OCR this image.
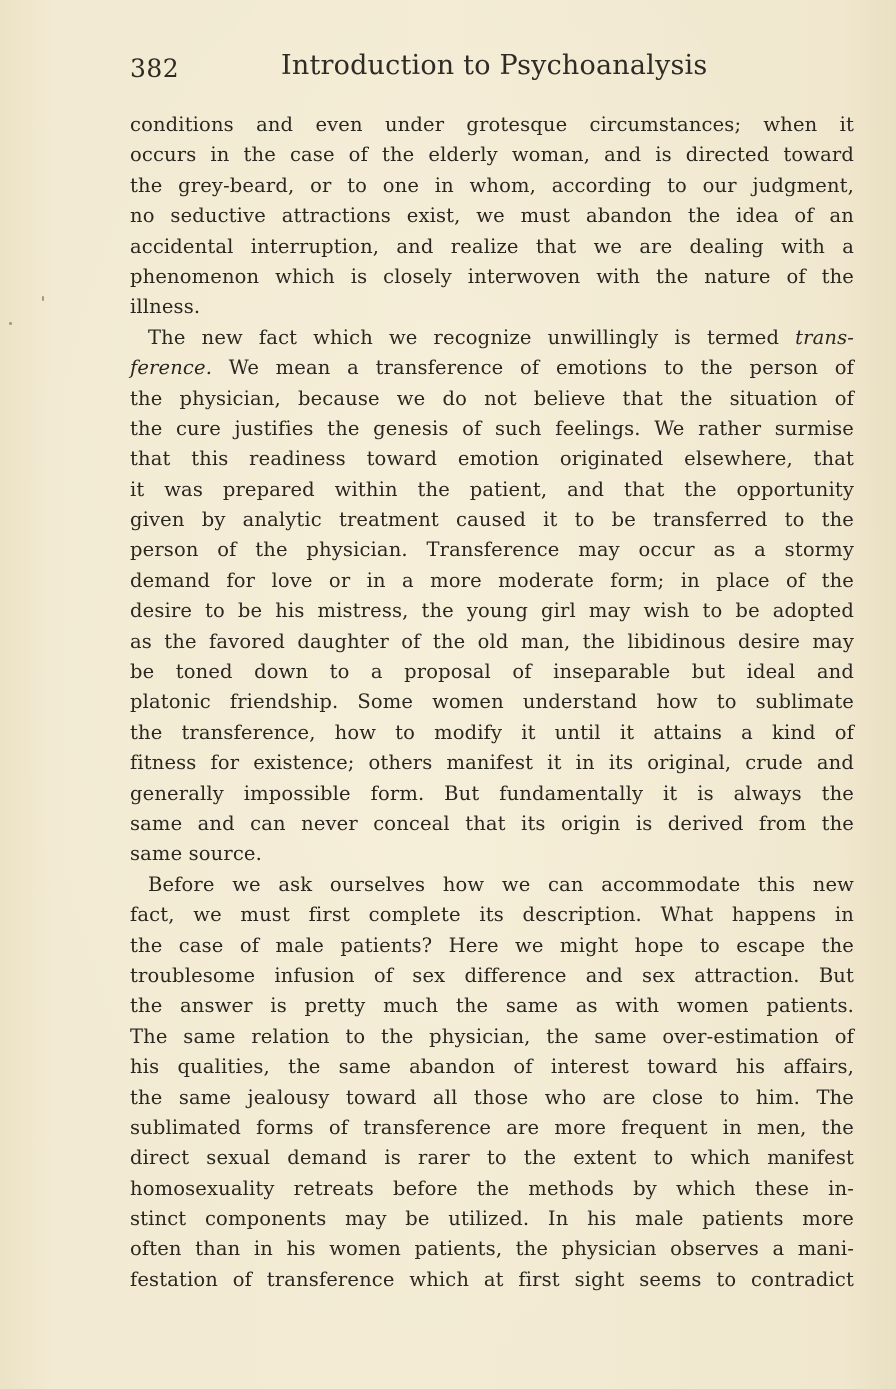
382	Introduction to Psychoanalysis
conditions and even under grotesque circumstances; when it
occurs in the case of the elderly woman, and is directed toward
the grey-beard, or to one in whom, according to our judgment,
no seductive attractions exist, we must abandon the idea of an
accidental interruption, and realize that we are dealing with a
phenomenon which is closely interwoven with the nature of the
illness.
The new fact which we recognize unwillingly is termed trans-
ference. We mean a transference of emotions to the person of
the physician, because we do not believe that the situation of
the cure justifies the genesis of such feelings. We rather surmise
that this readiness toward emotion originated elsewhere, that
it was prepared within the patient, and that the opportunity
given by analytic treatment caused it to be transferred to the
person of the physician. Transference may occur as a stormy
demand for love or in a more moderate form; in place of the
desire to be his mistress, the young girl may wish to be adopted
as the favored daughter of the old man, the libidinous desire may
be toned down to a proposal of inseparable but ideal and
platonic friendship. Some women understand how to sublimate
the transference, how to modify it until it attains a kind of
fitness for existence; others manifest it in its original, crude and
generally impossible form. But fundamentally it is always the
same and can never conceal that its origin is derived from the
same source.
Before we ask ourselves how we can accommodate this new
fact, we must first complete its description. What happens in
the case of male patients? Here we might hope to escape the
troublesome infusion of sex difference and sex attraction. But
the answer is pretty much the same as with women patients.
The same relation to the physician, the same over-estimation of
his qualities, the same abandon of interest toward his affairs,
the same jealousy toward all those who are close to him. The
sublimated forms of transference are more frequent in men, the
direct sexual demand is rarer to the extent to which manifest
homosexuality retreats before the methods by which these in-
stinct components may be utilized. In his male patients more
often than in his women patients, the physician observes a mani-
festation of transference which at first sight seems to contradict
